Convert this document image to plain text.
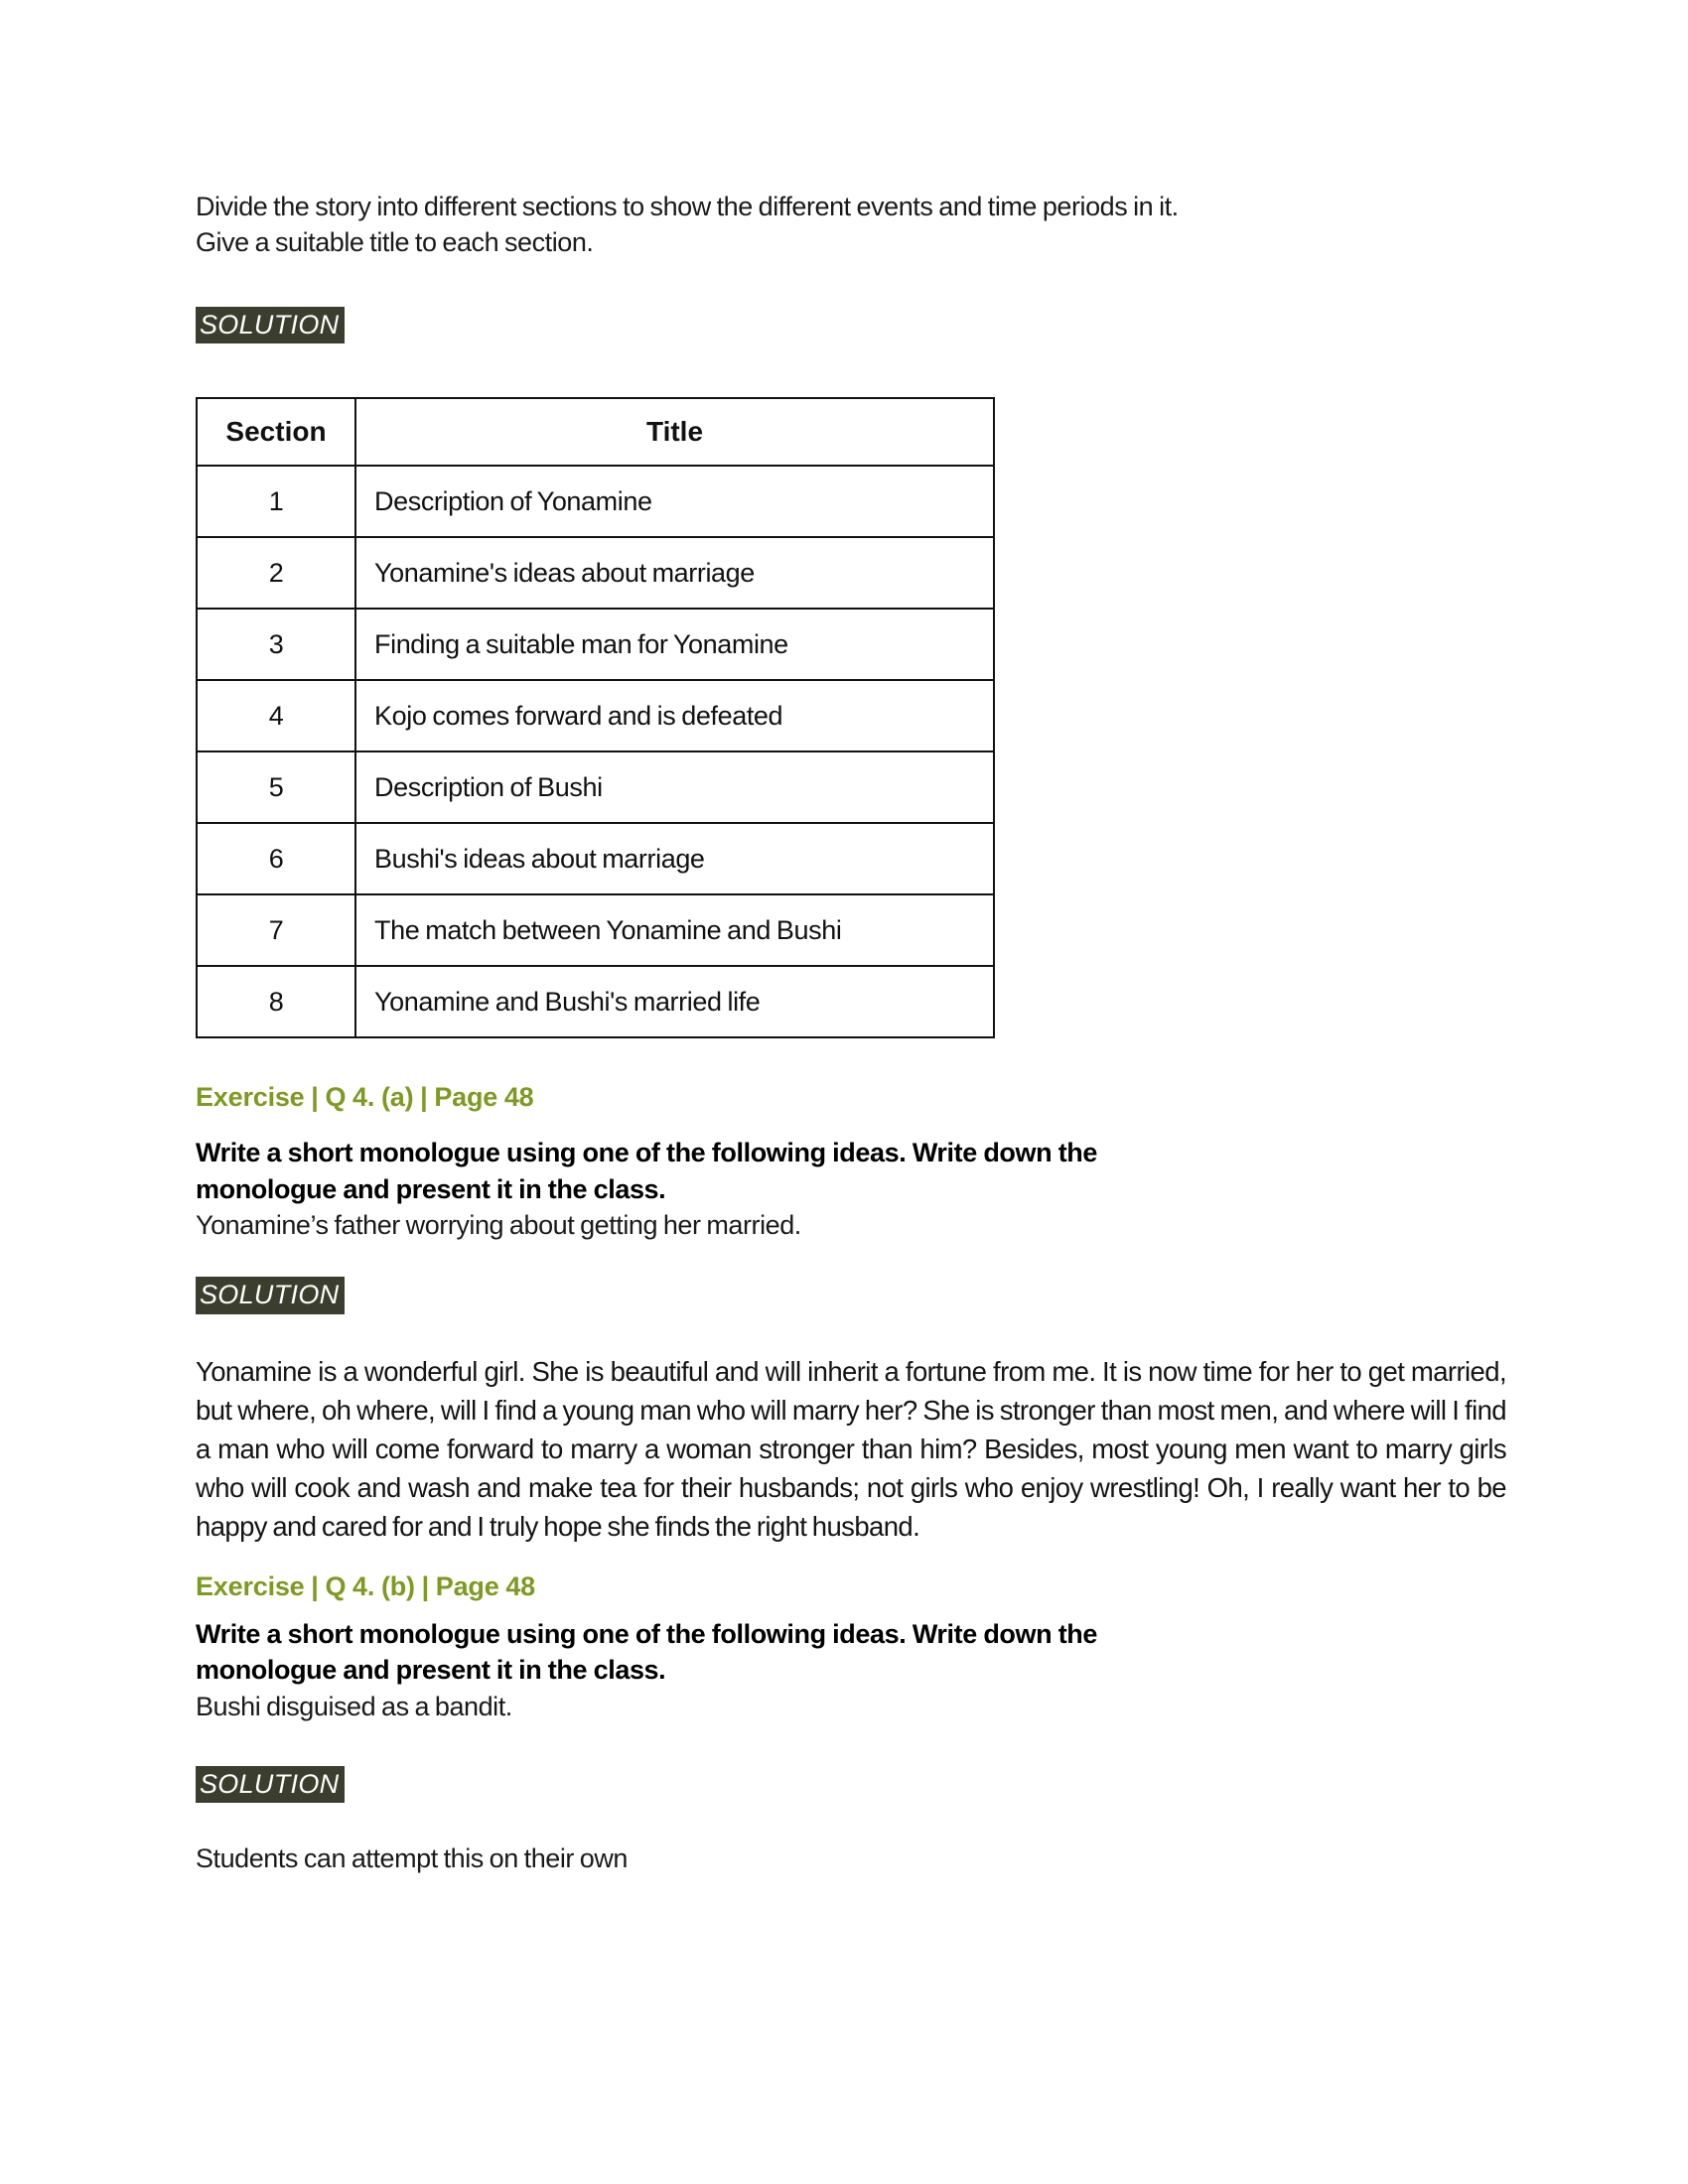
Divide the story into different sections to show the different events and time periods in it.

Give a suitable title to each section.

SOLUTION
Section	Title
1	Description of Yonamine
2	Yonamine's ideas about marriage
3	Finding a suitable man for Yonamine
4	Kojo comes forward and is defeated
5	Description of Bushi
6	Bushi's ideas about marriage
7	The match between Yonamine and Bushi
8	Yonamine and Bushi's married life

Exercise | Q 4. (a) | Page 48

Write a short monologue using one of the following ideas. Write down the

monologue and present it in the class.

Yonamine’s father worrying about getting her married.

SOLUTION

Yonamine is a wonderful girl. She is beautiful and will inherit a fortune from me. It is now time for her to get married, but where, oh where, will I find a young man who will marry her? She is stronger than most men, and where will I find a man who will come forward to marry a woman stronger than him? Besides, most young men want to marry girls who will cook and wash and make tea for their husbands; not girls who enjoy wrestling! Oh, I really want her to be happy and cared for and I truly hope she finds the right husband.

Exercise | Q 4. (b) | Page 48

Write a short monologue using one of the following ideas. Write down the

monologue and present it in the class.

Bushi disguised as a bandit.

SOLUTION

Students can attempt this on their own
